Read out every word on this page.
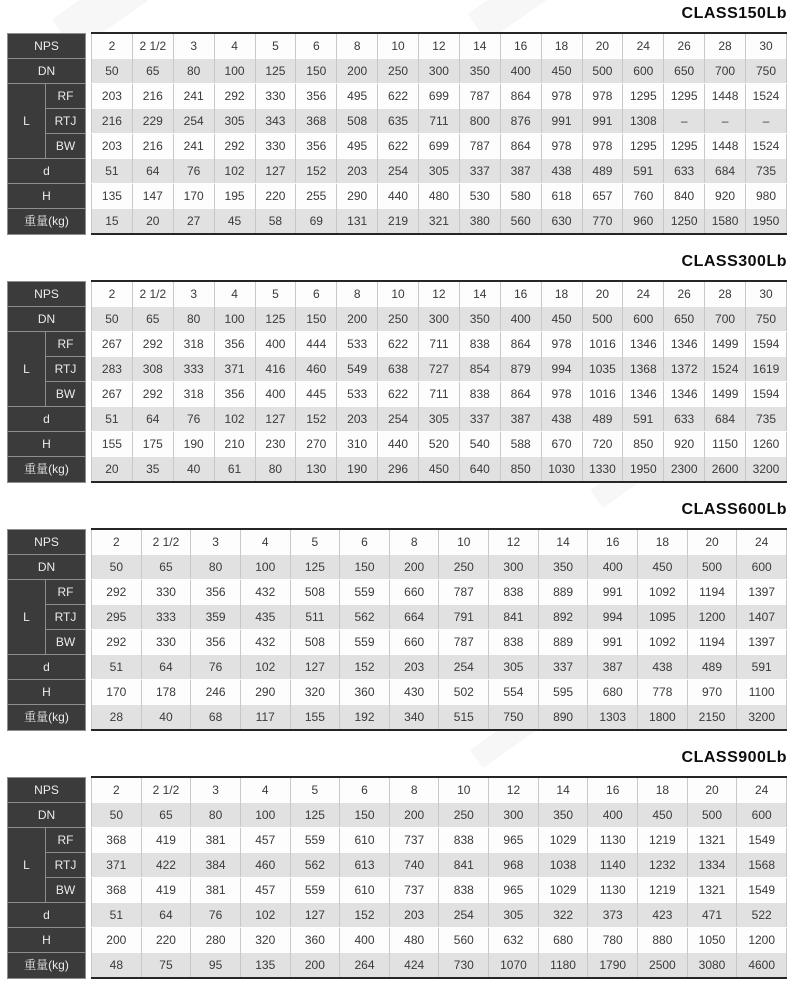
CLASS150Lb
NPS			2	2 1/2	3	4	5	6	8	10	12	14	16	18	20	24	26	28	30
DN			50	65	80	100	125	150	200	250	300	350	400	450	500	600	650	700	750
L	RF		203	216	241	292	330	356	495	622	699	787	864	978	978	1295	1295	1448	1524
	RTJ		216	229	254	305	343	368	508	635	711	800	876	991	991	1308	–	–	–
	BW		203	216	241	292	330	356	495	622	699	787	864	978	978	1295	1295	1448	1524
d			51	64	76	102	127	152	203	254	305	337	387	438	489	591	633	684	735
H			135	147	170	195	220	255	290	440	480	530	580	618	657	760	840	920	980
重量(kg)			15	20	27	45	58	69	131	219	321	380	560	630	770	960	1250	1580	1950
CLASS300Lb
NPS			2	2 1/2	3	4	5	6	8	10	12	14	16	18	20	24	26	28	30
DN			50	65	80	100	125	150	200	250	300	350	400	450	500	600	650	700	750
L	RF		267	292	318	356	400	444	533	622	711	838	864	978	1016	1346	1346	1499	1594
	RTJ		283	308	333	371	416	460	549	638	727	854	879	994	1035	1368	1372	1524	1619
	BW		267	292	318	356	400	445	533	622	711	838	864	978	1016	1346	1346	1499	1594
d			51	64	76	102	127	152	203	254	305	337	387	438	489	591	633	684	735
H			155	175	190	210	230	270	310	440	520	540	588	670	720	850	920	1150	1260
重量(kg)			20	35	40	61	80	130	190	296	450	640	850	1030	1330	1950	2300	2600	3200
CLASS600Lb
NPS			2	2 1/2	3	4	5	6	8	10	12	14	16	18	20	24
DN			50	65	80	100	125	150	200	250	300	350	400	450	500	600
L	RF		292	330	356	432	508	559	660	787	838	889	991	1092	1194	1397
	RTJ		295	333	359	435	511	562	664	791	841	892	994	1095	1200	1407
	BW		292	330	356	432	508	559	660	787	838	889	991	1092	1194	1397
d			51	64	76	102	127	152	203	254	305	337	387	438	489	591
H			170	178	246	290	320	360	430	502	554	595	680	778	970	1100
重量(kg)			28	40	68	117	155	192	340	515	750	890	1303	1800	2150	3200
CLASS900Lb
NPS			2	2 1/2	3	4	5	6	8	10	12	14	16	18	20	24
DN			50	65	80	100	125	150	200	250	300	350	400	450	500	600
L	RF		368	419	381	457	559	610	737	838	965	1029	1130	1219	1321	1549
	RTJ		371	422	384	460	562	613	740	841	968	1038	1140	1232	1334	1568
	BW		368	419	381	457	559	610	737	838	965	1029	1130	1219	1321	1549
d			51	64	76	102	127	152	203	254	305	322	373	423	471	522
H			200	220	280	320	360	400	480	560	632	680	780	880	1050	1200
重量(kg)			48	75	95	135	200	264	424	730	1070	1180	1790	2500	3080	4600
